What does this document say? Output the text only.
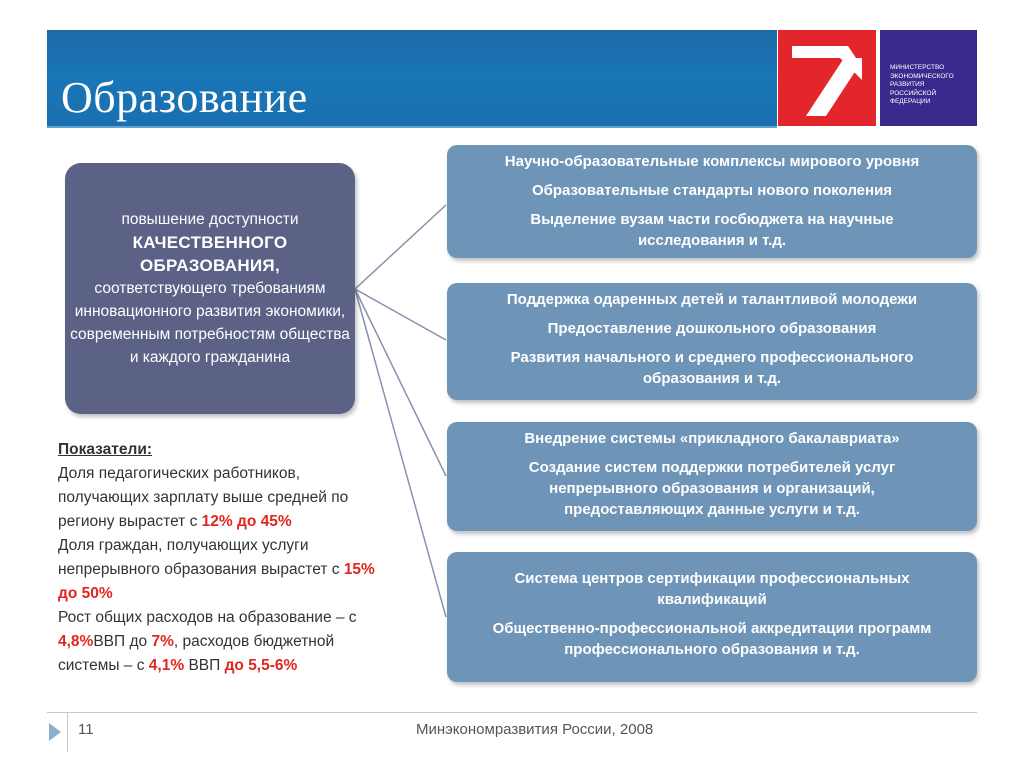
Образование
МИНИСТЕРСТВО
ЭКОНОМИЧЕСКОГО
РАЗВИТИЯ
РОССИЙСКОЙ
ФЕДЕРАЦИИ
повышение доступности
КАЧЕСТВЕННОГО ОБРАЗОВАНИЯ,
соответствующего требованиям инновационного развития экономики, современным потребностям общества и каждого гражданина
Научно-образовательные комплексы мирового уровня
Образовательные стандарты нового поколения
Выделение вузам части госбюджета на научные исследования и т.д.
Поддержка одаренных детей и талантливой молодежи
Предоставление дошкольного образования
Развития начального и среднего профессионального образования и т.д.
Внедрение системы «прикладного бакалавриата»
Создание систем поддержки потребителей услуг непрерывного образования и организаций, предоставляющих данные услуги и т.д.
Система центров сертификации профессиональных квалификаций
Общественно-профессиональной аккредитации программ профессионального образования и т.д.
Показатели:
Доля педагогических работников, получающих зарплату выше средней по региону вырастет с 12% до 45%
Доля граждан, получающих услуги непрерывного образования вырастет с 15% до 50%
Рост общих расходов на образование – с 4,8%ВВП до 7%, расходов бюджетной системы – с 4,1% ВВП до 5,5-6%
11	Минэкономразвития России, 2008
